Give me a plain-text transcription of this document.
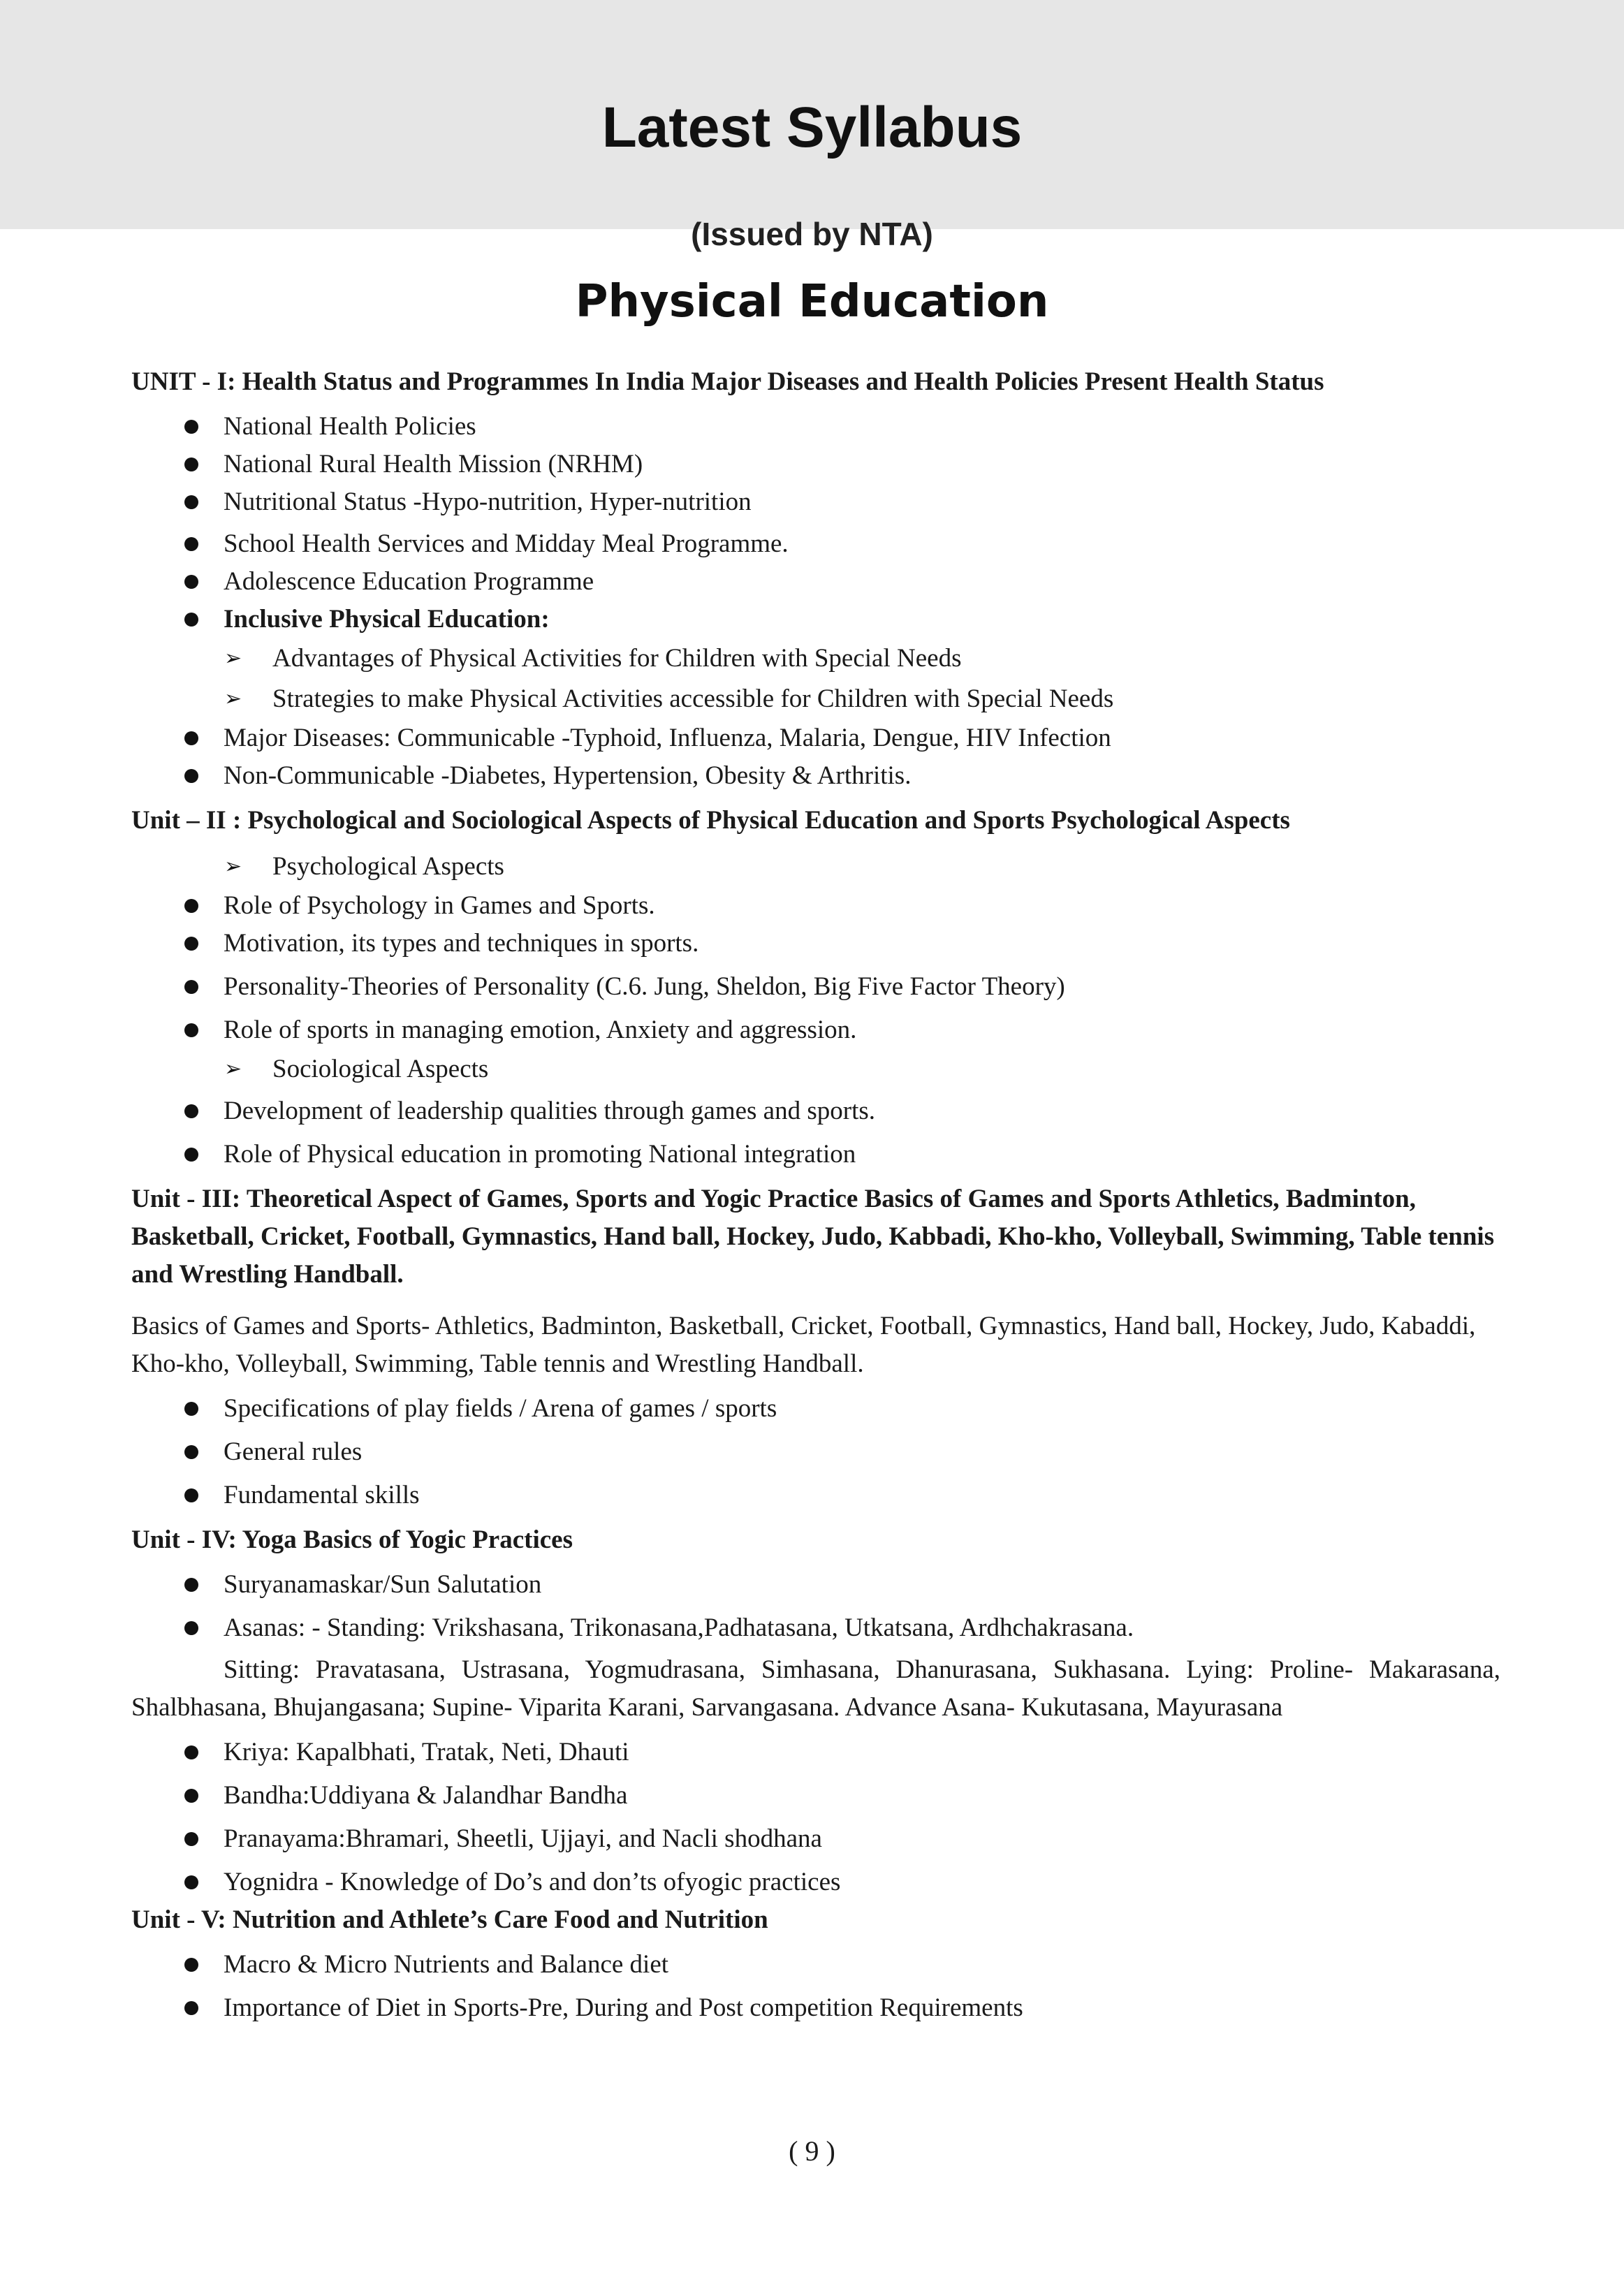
Latest Syllabus
(Issued by NTA)
Physical Education

UNIT - I: Health Status and Programmes In India Major Diseases and Health Policies Present Health Status

National Health Policies
National Rural Health Mission (NRHM)
Nutritional Status -Hypo-nutrition, Hyper-nutrition
School Health Services and Midday Meal Programme.
Adolescence Education Programme
Inclusive Physical Education:
➢ Advantages of Physical Activities for Children with Special Needs
➢ Strategies to make Physical Activities accessible for Children with Special Needs
Major Diseases: Communicable -Typhoid, Influenza, Malaria, Dengue, HIV Infection
Non-Communicable -Diabetes, Hypertension, Obesity & Arthritis.

Unit – II : Psychological and Sociological Aspects of Physical Education and Sports Psychological Aspects

➢ Psychological Aspects
Role of Psychology in Games and Sports.
Motivation, its types and techniques in sports.
Personality-Theories of Personality (C.6. Jung, Sheldon, Big Five Factor Theory)
Role of sports in managing emotion, Anxiety and aggression.
➢ Sociological Aspects
Development of leadership qualities through games and sports.
Role of Physical education in promoting National integration

Unit - III: Theoretical Aspect of Games, Sports and Yogic Practice Basics of Games and Sports Athletics, Badminton, Basketball, Cricket, Football, Gymnastics, Hand ball, Hockey, Judo, Kabbadi, Kho-kho, Volleyball, Swimming, Table tennis and Wrestling Handball.

Basics of Games and Sports- Athletics, Badminton, Basketball, Cricket, Football, Gymnastics, Hand ball, Hockey, Judo, Kabaddi, Kho-kho, Volleyball, Swimming, Table tennis and Wrestling Handball.

Specifications of play fields / Arena of games / sports
General rules
Fundamental skills

Unit - IV: Yoga Basics of Yogic Practices

Suryanamaskar/Sun Salutation
Asanas: - Standing: Vrikshasana, Trikonasana,Padhatasana, Utkatsana, Ardhchakrasana.

Sitting: Pravatasana, Ustrasana, Yogmudrasana, Simhasana, Dhanurasana, Sukhasana. Lying: Proline- Makarasana, Shalbhasana, Bhujangasana; Supine- Viparita Karani, Sarvangasana. Advance Asana- Kukutasana, Mayurasana

Kriya: Kapalbhati, Tratak, Neti, Dhauti
Bandha:Uddiyana & Jalandhar Bandha
Pranayama:Bhramari, Sheetli, Ujjayi, and Nacli shodhana
Yognidra - Knowledge of Do’s and don’ts ofyogic practices

Unit - V: Nutrition and Athlete’s Care Food and Nutrition

Macro & Micro Nutrients and Balance diet
Importance of Diet in Sports-Pre, During and Post competition Requirements
( 9 )
